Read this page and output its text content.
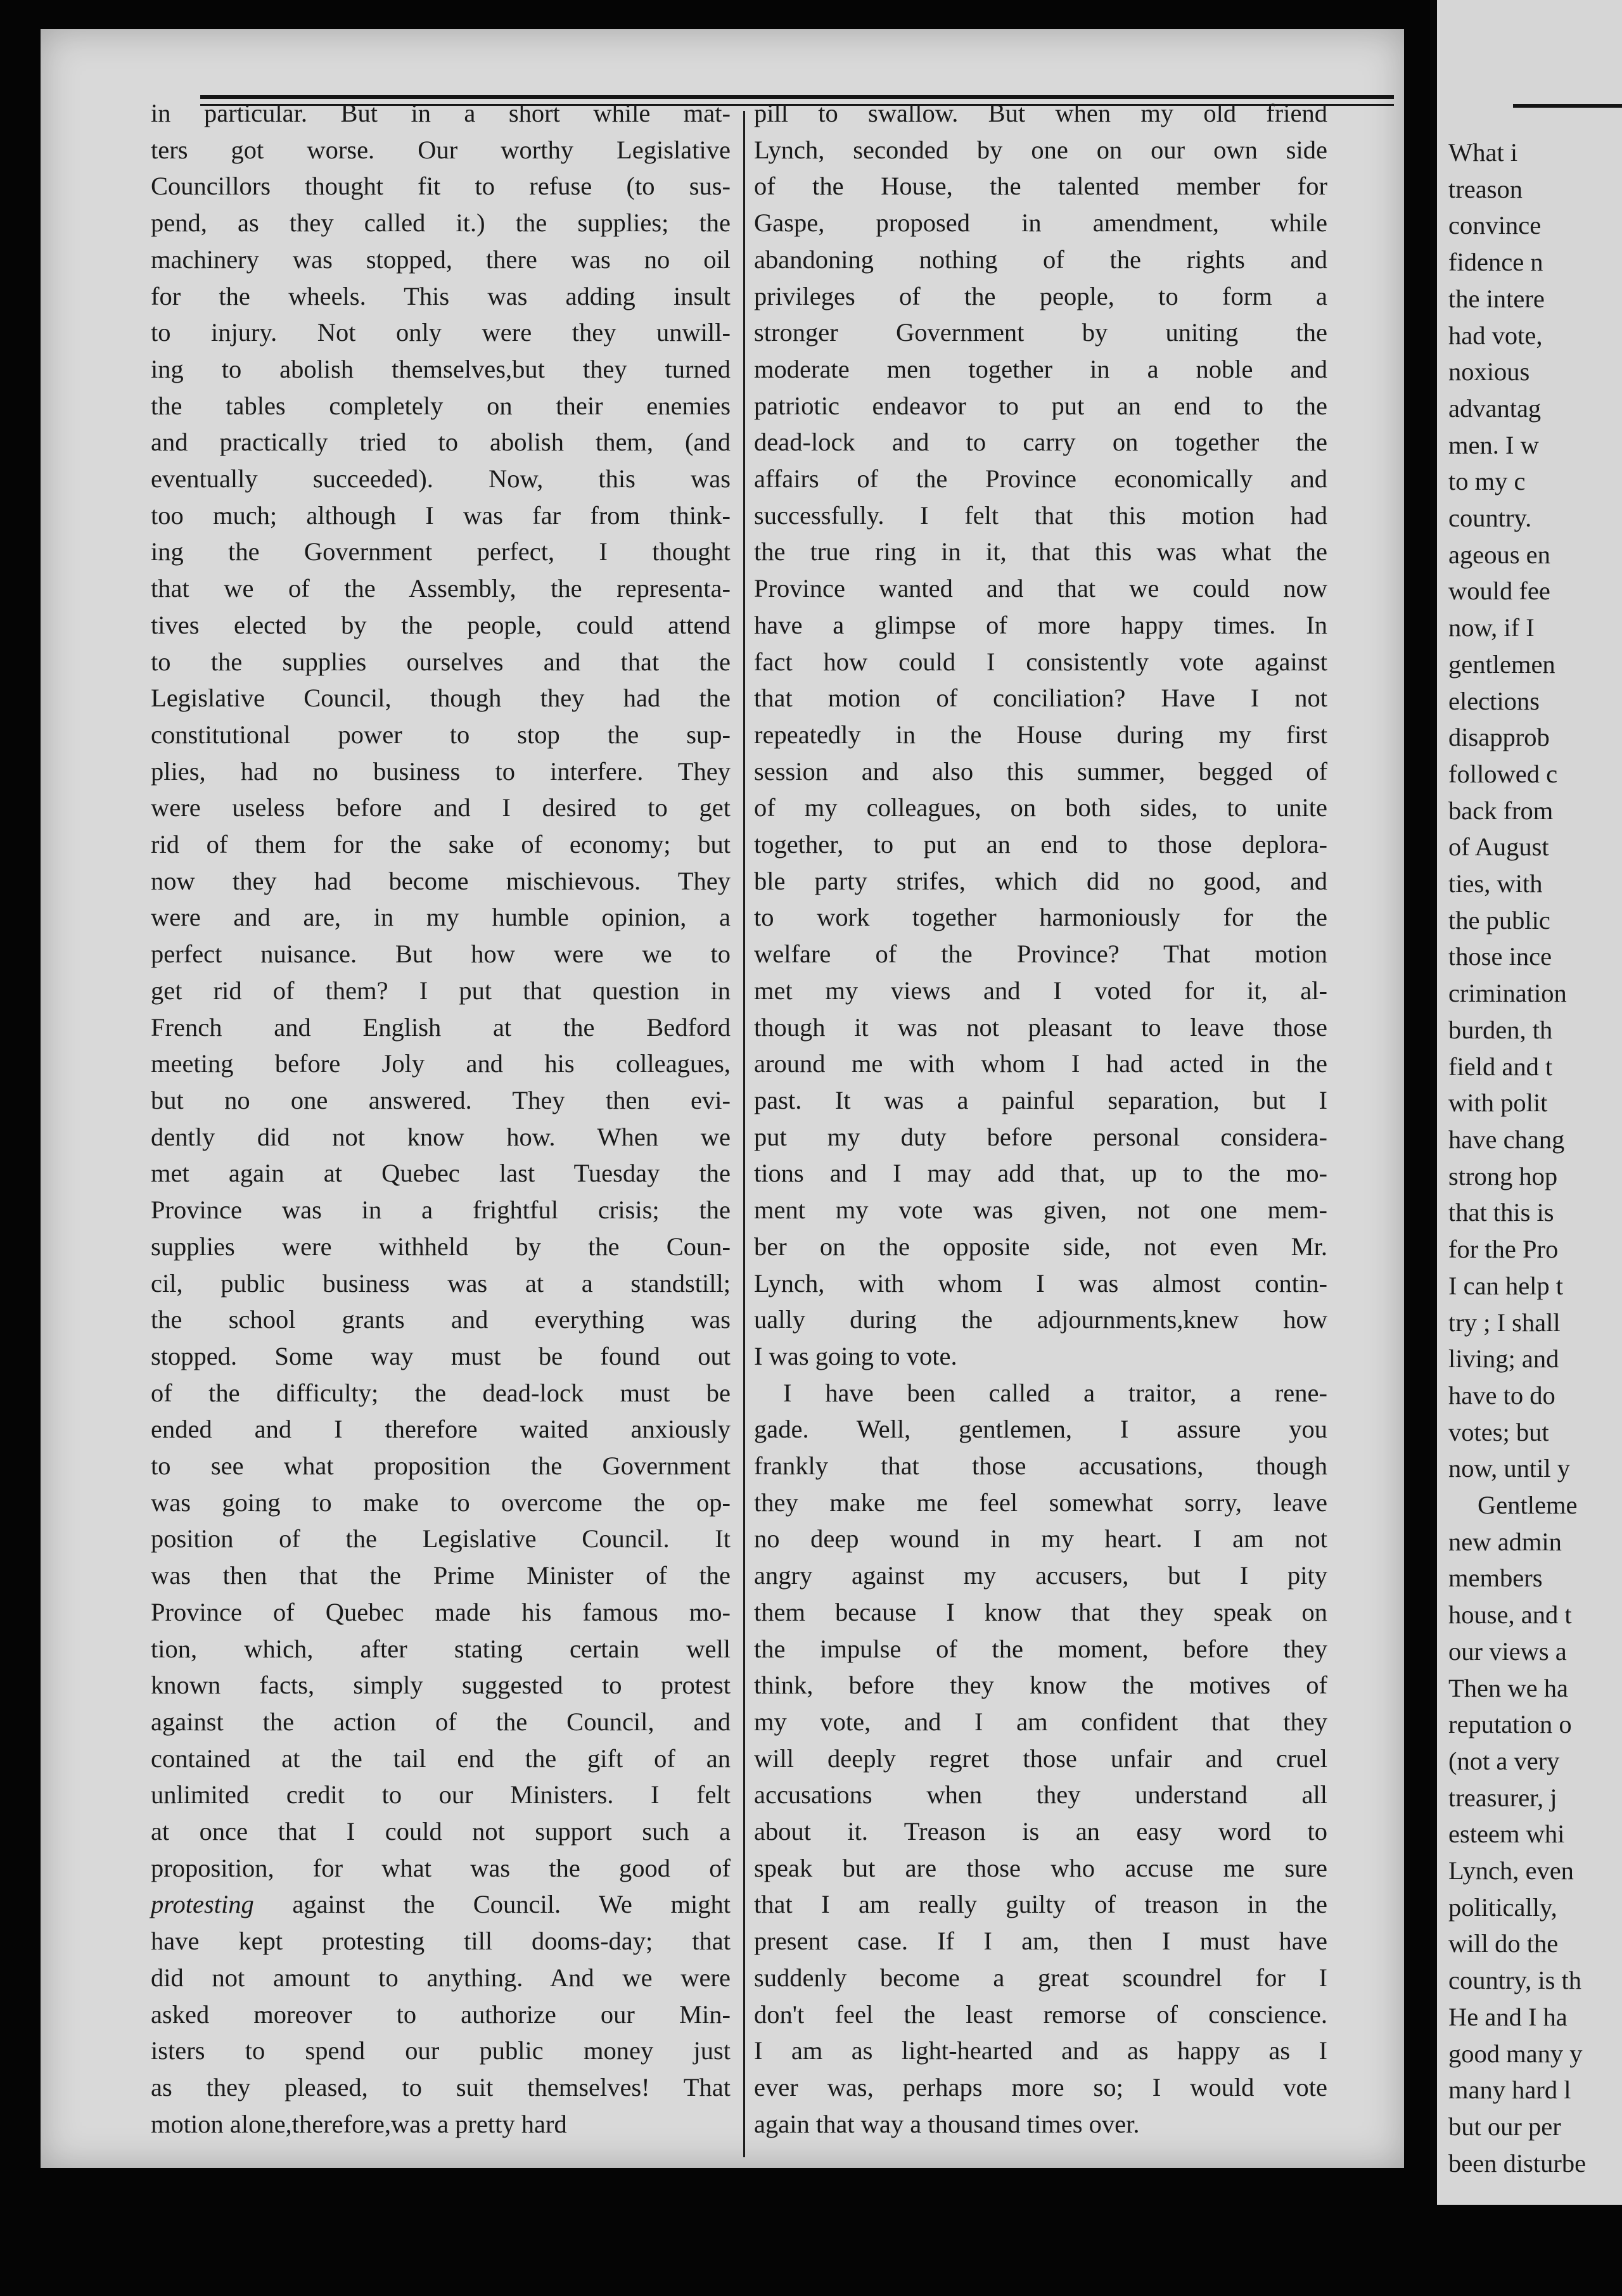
in particular. But in a short while mat-
ters got worse. Our worthy Legislative
Councillors thought fit to refuse (to sus-
pend, as they called it.) the supplies; the
machinery was stopped, there was no oil
for the wheels. This was adding insult
to injury. Not only were they unwill-
ing to abolish themselves,but they turned
the tables completely on their enemies
and practically tried to abolish them, (and
eventually succeeded). Now, this was
too much; although I was far from think-
ing the Government perfect, I thought
that we of the Assembly, the representa-
tives elected by the people, could attend
to the supplies ourselves and that the
Legislative Council, though they had the
constitutional power to stop the sup-
plies, had no business to interfere. They
were useless before and I desired to get
rid of them for the sake of economy; but
now they had become mischievous. They
were and are, in my humble opinion, a
perfect nuisance. But how were we to
get rid of them? I put that question in
French and English at the Bedford
meeting before Joly and his colleagues,
but no one answered. They then evi-
dently did not know how. When we
met again at Quebec last Tuesday the
Province was in a frightful crisis; the
supplies were withheld by the Coun-
cil, public business was at a standstill;
the school grants and everything was
stopped. Some way must be found out
of the difficulty; the dead-lock must be
ended and I therefore waited anxiously
to see what proposition the Government
was going to make to overcome the op-
position of the Legislative Council. It
was then that the Prime Minister of the
Province of Quebec made his famous mo-
tion, which, after stating certain well
known facts, simply suggested to protest
against the action of the Council, and
contained at the tail end the gift of an
unlimited credit to our Ministers. I felt
at once that I could not support such a
proposition, for what was the good of
protesting against the Council. We might
have kept protesting till dooms-day; that
did not amount to anything. And we were
asked moreover to authorize our Min-
isters to spend our public money just
as they pleased, to suit themselves! That
motion alone,therefore,was a pretty hard
pill to swallow. But when my old friend
Lynch, seconded by one on our own side
of the House, the talented member for
Gaspe, proposed in amendment, while
abandoning nothing of the rights and
privileges of the people, to form a
stronger Government by uniting the
moderate men together in a noble and
patriotic endeavor to put an end to the
dead-lock and to carry on together the
affairs of the Province economically and
successfully. I felt that this motion had
the true ring in it, that this was what the
Province wanted and that we could now
have a glimpse of more happy times. In
fact how could I consistently vote against
that motion of conciliation? Have I not
repeatedly in the House during my first
session and also this summer, begged of
of my colleagues, on both sides, to unite
together, to put an end to those deplora-
ble party strifes, which did no good, and
to work together harmoniously for the
welfare of the Province? That motion
met my views and I voted for it, al-
though it was not pleasant to leave those
around me with whom I had acted in the
past. It was a painful separation, but I
put my duty before personal considera-
tions and I may add that, up to the mo-
ment my vote was given, not one mem-
ber on the opposite side, not even Mr.
Lynch, with whom I was almost contin-
ually during the adjournments,knew how
I was going to vote.
I have been called a traitor, a rene-
gade. Well, gentlemen, I assure you
frankly that those accusations, though
they make me feel somewhat sorry, leave
no deep wound in my heart. I am not
angry against my accusers, but I pity
them because I know that they speak on
the impulse of the moment, before they
think, before they know the motives of
my vote, and I am confident that they
will deeply regret those unfair and cruel
accusations when they understand all
about it. Treason is an easy word to
speak but are those who accuse me sure
that I am really guilty of treason in the
present case. If I am, then I must have
suddenly become a great scoundrel for I
don't feel the least remorse of conscience.
I am as light-hearted and as happy as I
ever was, perhaps more so; I would vote
again that way a thousand times over.
What i
treason
convince
fidence n
the intere
had vote,
noxious
advantag
men. I w
to my c
country.
ageous en
would fee
now, if I
gentlemen
elections
disapprob
followed c
back from
of August
ties, with
the public
those ince
crimination
burden, th
field and t
with polit
have chang
strong hop
that this is
for the Pro
I can help t
try ; I shall
living; and
have to do
votes; but
now, until y
Gentleme
new admin
members
house, and t
our views a
Then we ha
reputation o
(not a very
treasurer, j
esteem whi
Lynch, even
politically,
will do the
country, is th
He and I ha
good many y
many hard l
but our per
been disturbe
